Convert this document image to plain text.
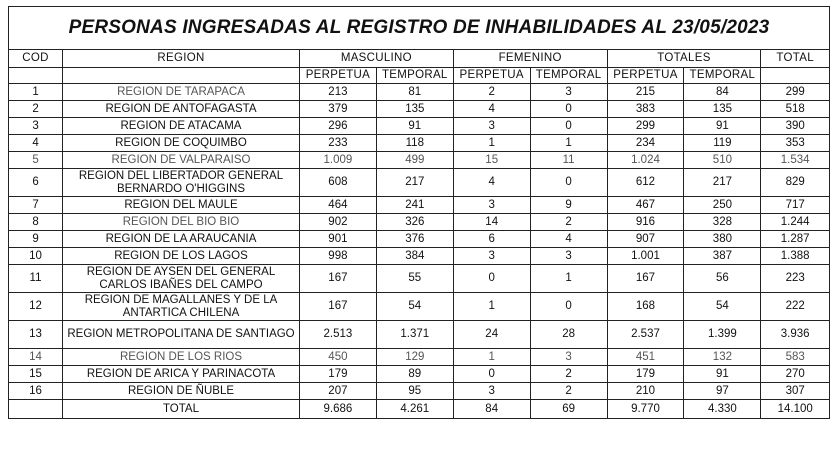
PERSONAS INGRESADAS AL REGISTRO DE INHABILIDADES AL 23/05/2023
COD	REGION	MASCULINO		FEMENINO		TOTALES		TOTAL
		PERPETUA	TEMPORAL	PERPETUA	TEMPORAL	PERPETUA	TEMPORAL	
1	REGION DE TARAPACA	213	81	2	3	215	84	299
2	REGION DE ANTOFAGASTA	379	135	4	0	383	135	518
3	REGION DE ATACAMA	296	91	3	0	299	91	390
4	REGION DE COQUIMBO	233	118	1	1	234	119	353
5	REGION DE VALPARAISO	1.009	499	15	11	1.024	510	1.534
6	REGION DEL LIBERTADOR GENERAL BERNARDO O'HIGGINS	608	217	4	0	612	217	829
7	REGION DEL MAULE	464	241	3	9	467	250	717
8	REGION DEL BIO BIO	902	326	14	2	916	328	1.244
9	REGION DE LA ARAUCANIA	901	376	6	4	907	380	1.287
10	REGION DE LOS LAGOS	998	384	3	3	1.001	387	1.388
11	REGION DE AYSEN DEL GENERAL CARLOS IBAÑES DEL CAMPO	167	55	0	1	167	56	223
12	REGION DE MAGALLANES Y DE LA ANTARTICA CHILENA	167	54	1	0	168	54	222
13	REGION METROPOLITANA DE SANTIAGO	2.513	1.371	24	28	2.537	1.399	3.936
14	REGION DE LOS RIOS	450	129	1	3	451	132	583
15	REGION DE ARICA Y PARINACOTA	179	89	0	2	179	91	270
16	REGION DE ÑUBLE	207	95	3	2	210	97	307
	TOTAL	9.686	4.261	84	69	9.770	4.330	14.100
